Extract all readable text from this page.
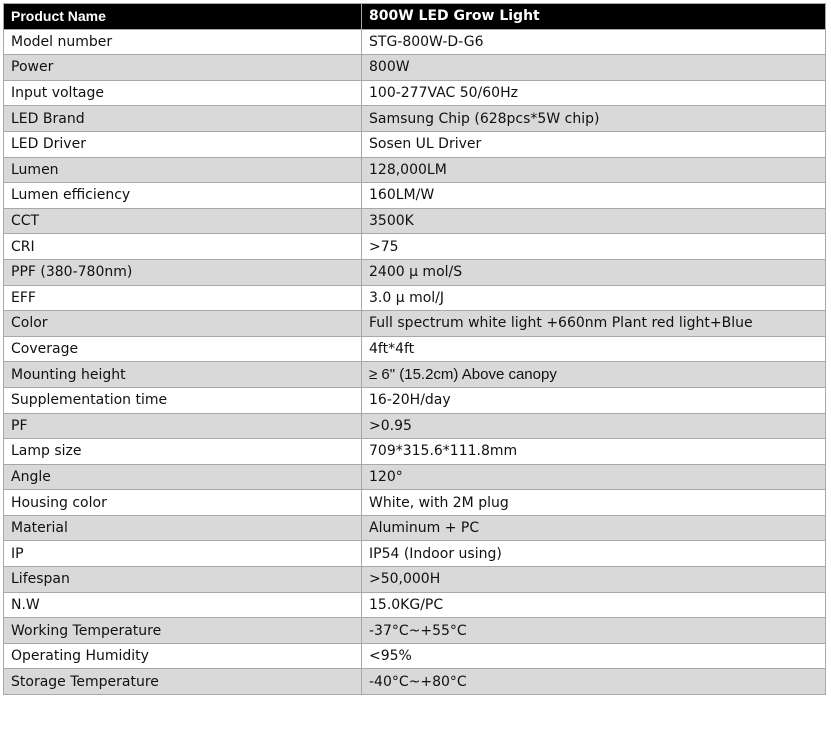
Product Name	800W LED Grow Light
Model number	STG-800W-D-G6
Power	800W
Input voltage	100-277VAC 50/60Hz
LED Brand	Samsung Chip (628pcs*5W chip)
LED Driver	Sosen UL Driver
Lumen	128,000LM
Lumen efficiency	160LM/W
CCT	3500K
CRI	>75
PPF (380-780nm)	2400 μ mol/S
EFF	3.0 μ mol/J
Color	Full spectrum white light +660nm Plant red light+Blue
Coverage	4ft*4ft
Mounting height	≥ 6" (15.2cm) Above canopy
Supplementation time	16-20H/day
PF	>0.95
Lamp size	709*315.6*111.8mm
Angle	120°
Housing color	White, with 2M plug
Material	Aluminum + PC
IP	IP54 (Indoor using)
Lifespan	>50,000H
N.W	15.0KG/PC
Working Temperature	-37°C~+55°C
Operating Humidity	<95%
Storage Temperature	-40°C~+80°C
